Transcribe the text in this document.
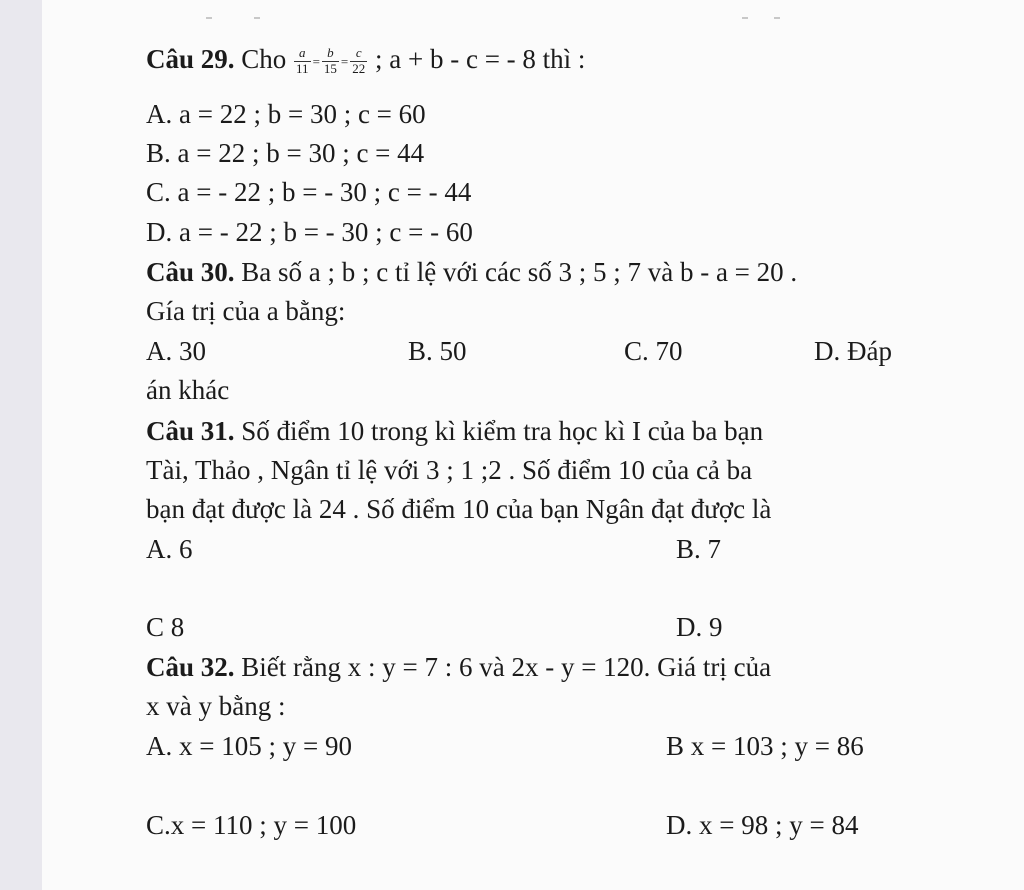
Câu 29. Cho $\frac{a}{11} = \frac{b}{15} = \frac{c}{22}$ ; a + b - c = - 8 thì :
A. a = 22 ; b = 30 ; c = 60
B. a = 22 ; b = 30 ; c = 44
C. a = - 22 ; b = - 30 ; c = - 44
D. a = - 22 ; b = - 30 ; c = - 60
Câu 30. Ba số a ; b ; c tỉ lệ với các số 3 ; 5 ; 7 và b - a = 20 .
Gía trị của a bằng:
A. 30	B. 50	C. 70	D. Đáp
án khác
Câu 31. Số điểm 10 trong kì kiểm tra học kì I của ba bạn
Tài, Thảo , Ngân tỉ lệ với 3 ; 1 ;2 . Số điểm 10 của cả ba
bạn đạt được là 24 . Số điểm 10 của bạn Ngân đạt được là
A. 6	B. 7
C 8	D. 9
Câu 32. Biết rằng x : y = 7 : 6 và 2x - y = 120. Giá trị của
x và y bằng :
A. x = 105 ; y = 90	B x = 103 ; y = 86
C.x = 110 ; y = 100	D. x = 98 ; y = 84
